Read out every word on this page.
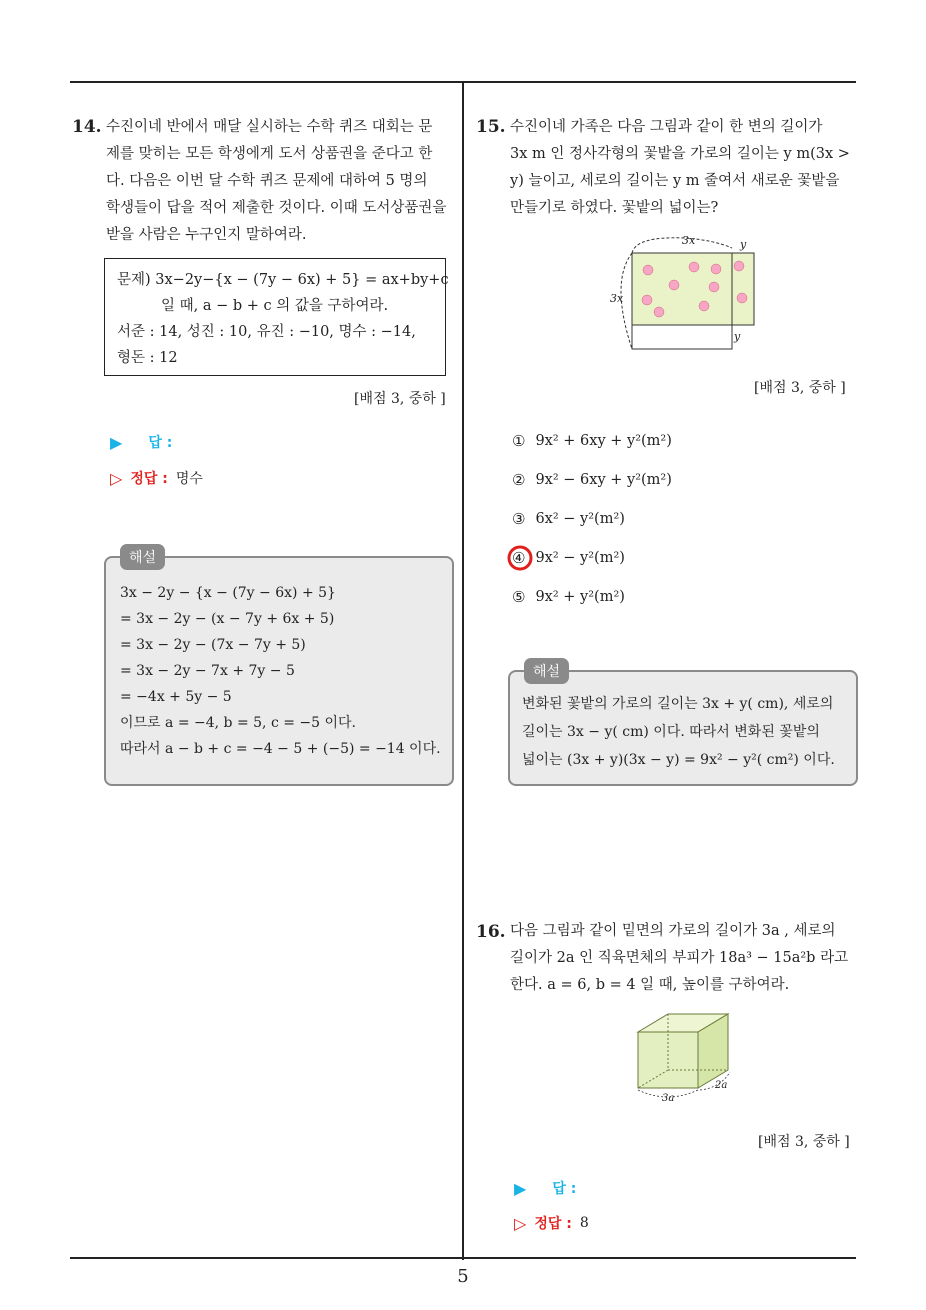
5
14. 수진이네 반에서 매달 실시하는 수학 퀴즈 대회는 문
제를 맞히는 모든 학생에게 도서 상품권을 준다고 한
다. 다음은 이번 달 수학 퀴즈 문제에 대하여 5 명의
학생들이 답을 적어 제출한 것이다. 이때 도서상품권을
받을 사람은 누구인지 말하여라.
문제) 3x−2y−{x − (7y − 6x) + 5} = ax+by+c
일 때, a − b + c 의 값을 구하여라.
서준 : 14, 성진 : 10, 유진 : −10, 명수 : −14,
형돈 : 12
[배점 3, 중하 ]
▶ 답 :
▷ 정답 : 명수
해설
3x − 2y − {x − (7y − 6x) + 5}
= 3x − 2y − (x − 7y + 6x + 5)
= 3x − 2y − (7x − 7y + 5)
= 3x − 2y − 7x + 7y − 5
= −4x + 5y − 5
이므로 a = −4, b = 5, c = −5 이다.
따라서 a − b + c = −4 − 5 + (−5) = −14 이다.
15. 수진이네 가족은 다음 그림과 같이 한 변의 길이가
3x m 인 정사각형의 꽃밭을 가로의 길이는 y m(3x >
y) 늘이고, 세로의 길이는 y m 줄여서 새로운 꽃밭을
만들기로 하였다. 꽃밭의 넓이는?
3x
3x
y
y
[배점 3, 중하 ]
① 9x² + 6xy + y²(m²)
② 9x² − 6xy + y²(m²)
③ 6x² − y²(m²)
④ 9x² − y²(m²)
⑤ 9x² + y²(m²)
해설
변화된 꽃밭의 가로의 길이는 3x + y( cm), 세로의
길이는 3x − y( cm) 이다. 따라서 변화된 꽃밭의
넓이는 (3x + y)(3x − y) = 9x² − y²( cm²) 이다.
16. 다음 그림과 같이 밑면의 가로의 길이가 3a , 세로의
길이가 2a 인 직육면체의 부피가 18a³ − 15a²b 라고
한다. a = 6, b = 4 일 때, 높이를 구하여라.
3a
2a
[배점 3, 중하 ]
▶ 답 :
▷ 정답 : 8
